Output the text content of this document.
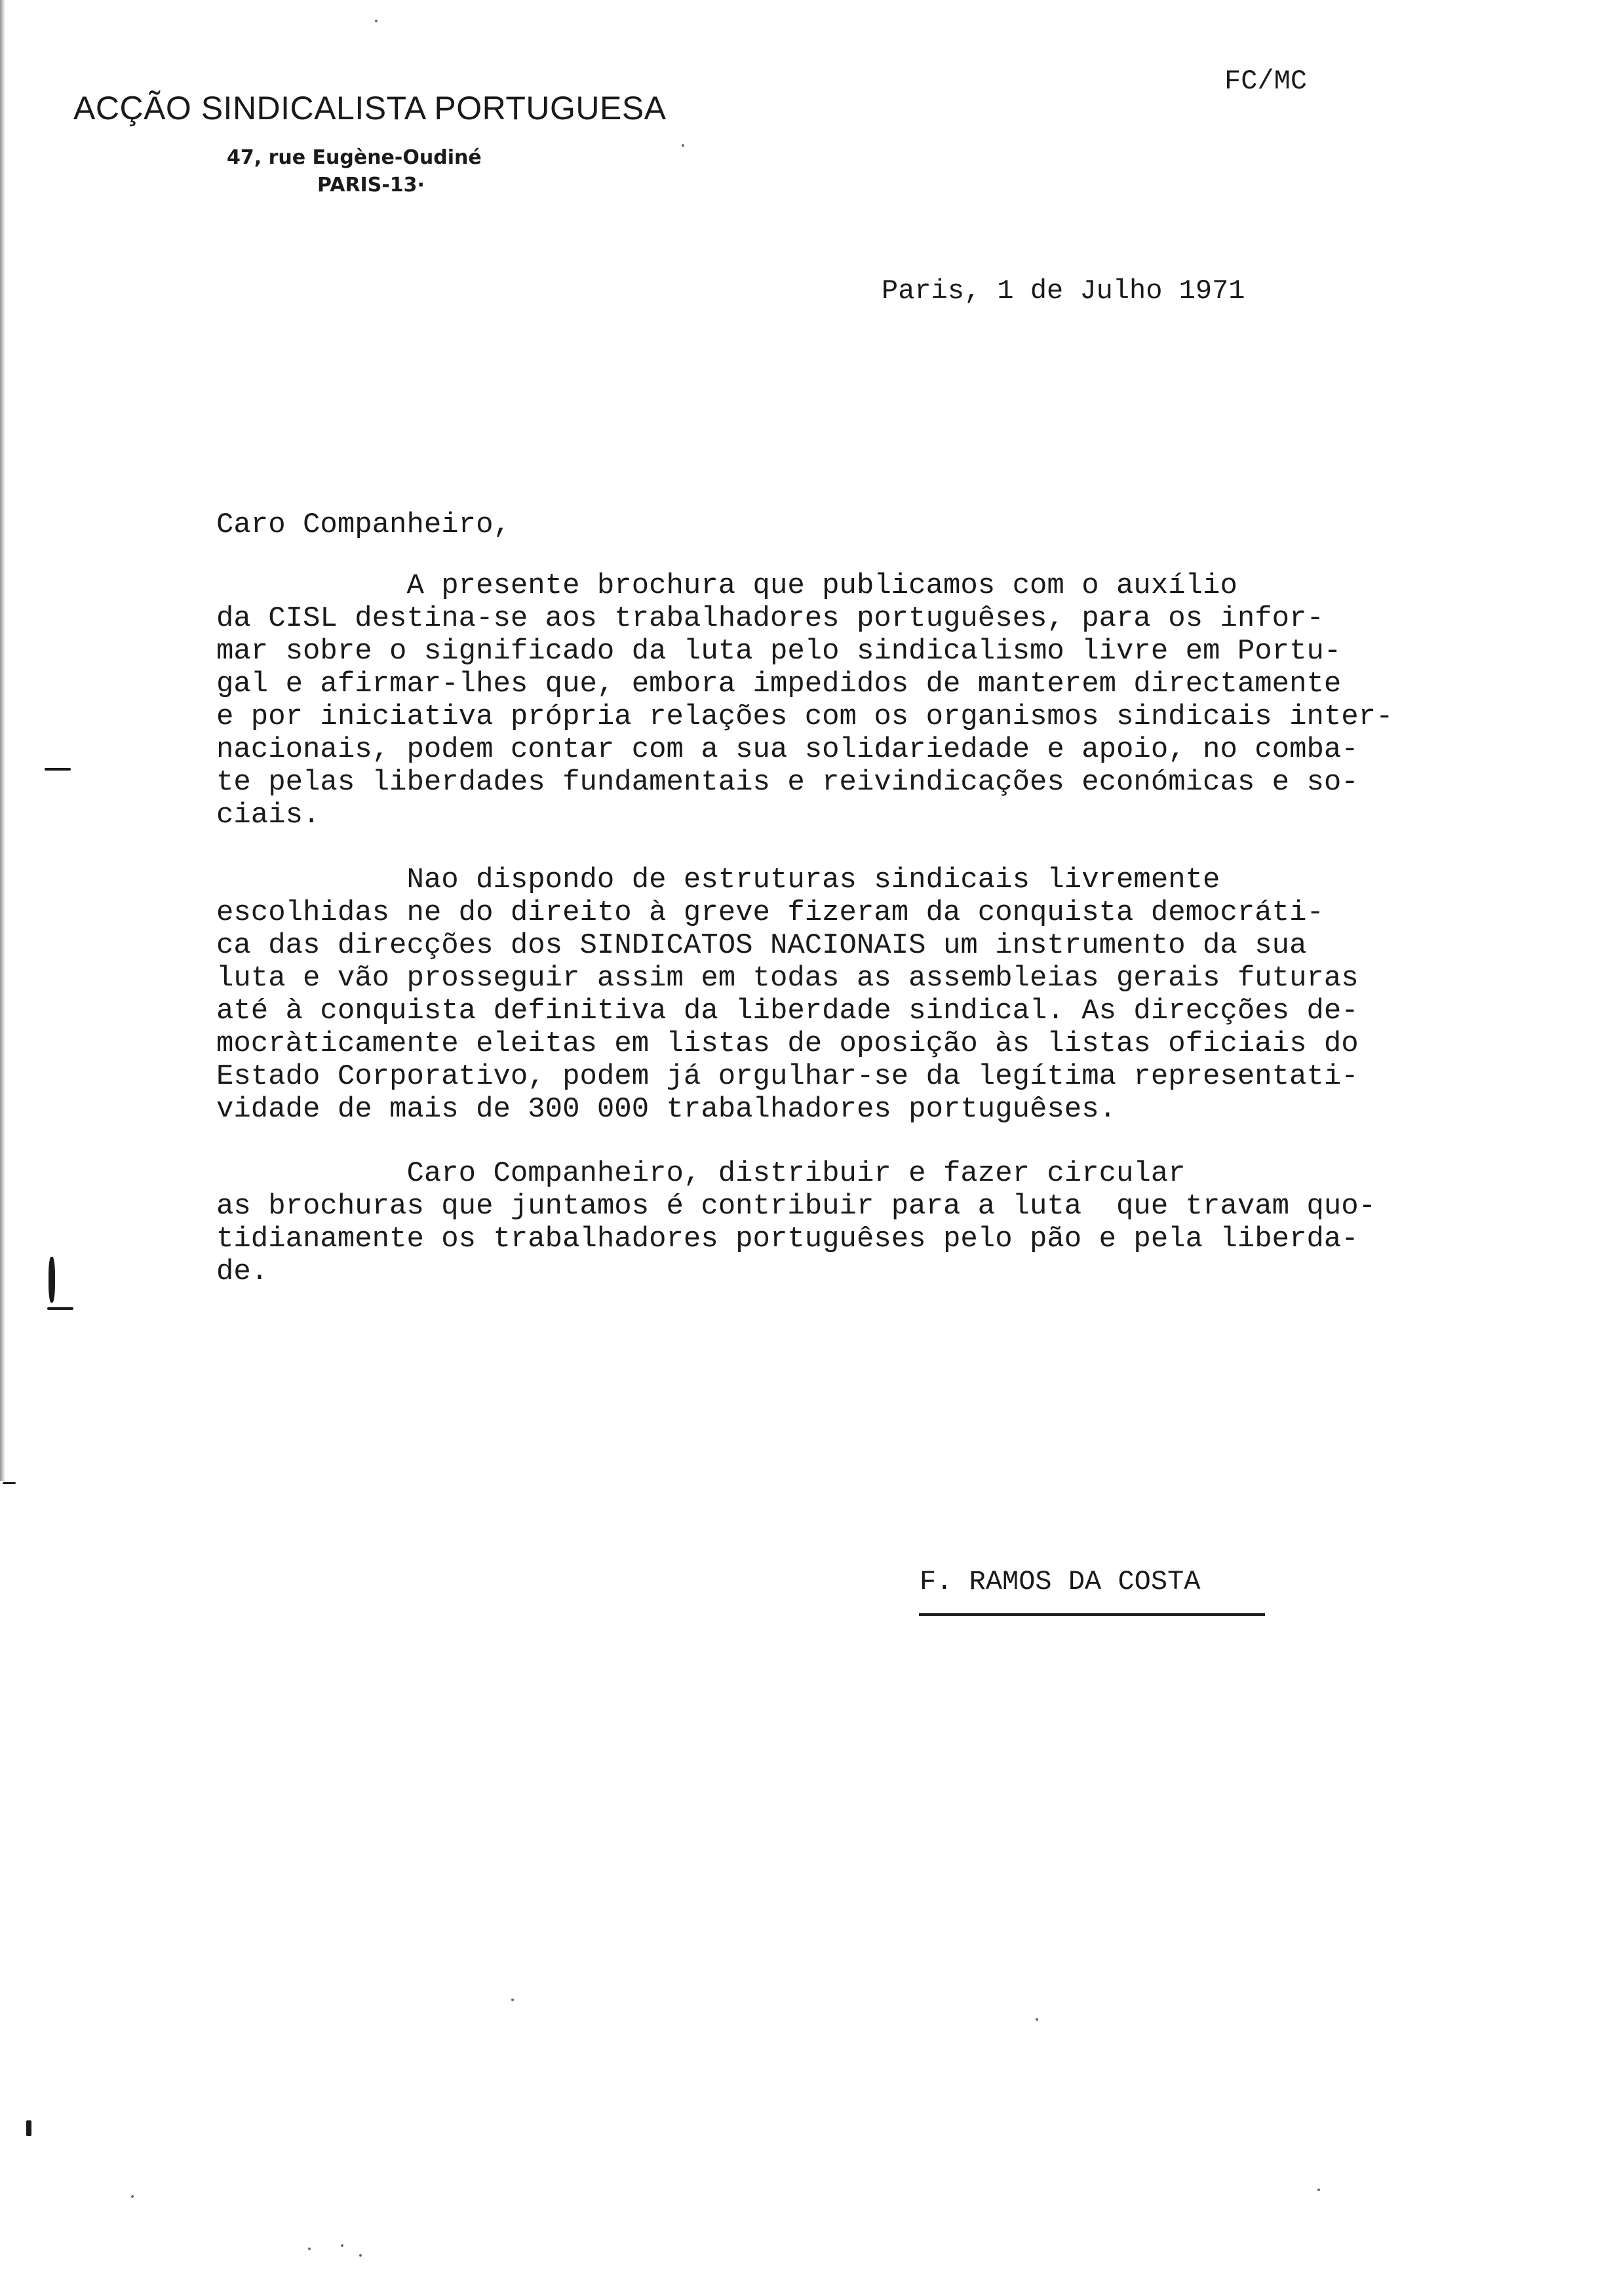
ACÇÃO SINDICALISTA PORTUGUESA
47, rue Eugène-Oudiné
PARIS-13·
FC/MC
Paris, 1 de Julho 1971
Caro Companheiro,
A presente brochura que publicamos com o auxílio
da CISL destina-se aos trabalhadores portuguêses, para os infor-
mar sobre o significado da luta pelo sindicalismo livre em Portu-
gal e afirmar-lhes que, embora impedidos de manterem directamente
e por iniciativa própria relações com os organismos sindicais inter-
nacionais, podem contar com a sua solidariedade e apoio, no comba-
te pelas liberdades fundamentais e reivindicações económicas e so-
ciais.
Nao dispondo de estruturas sindicais livremente
escolhidas ne do direito à greve fizeram da conquista democráti-
ca das direcções dos SINDICATOS NACIONAIS um instrumento da sua
luta e vão prosseguir assim em todas as assembleias gerais futuras
até à conquista definitiva da liberdade sindical. As direcções de-
mocràticamente eleitas em listas de oposição às listas oficiais do
Estado Corporativo, podem já orgulhar-se da legítima representati-
vidade de mais de 300 000 trabalhadores portuguêses.
Caro Companheiro, distribuir e fazer circular
as brochuras que juntamos é contribuir para a luta  que travam quo-
tidianamente os trabalhadores portuguêses pelo pão e pela liberda-
de.
F. RAMOS DA COSTA
